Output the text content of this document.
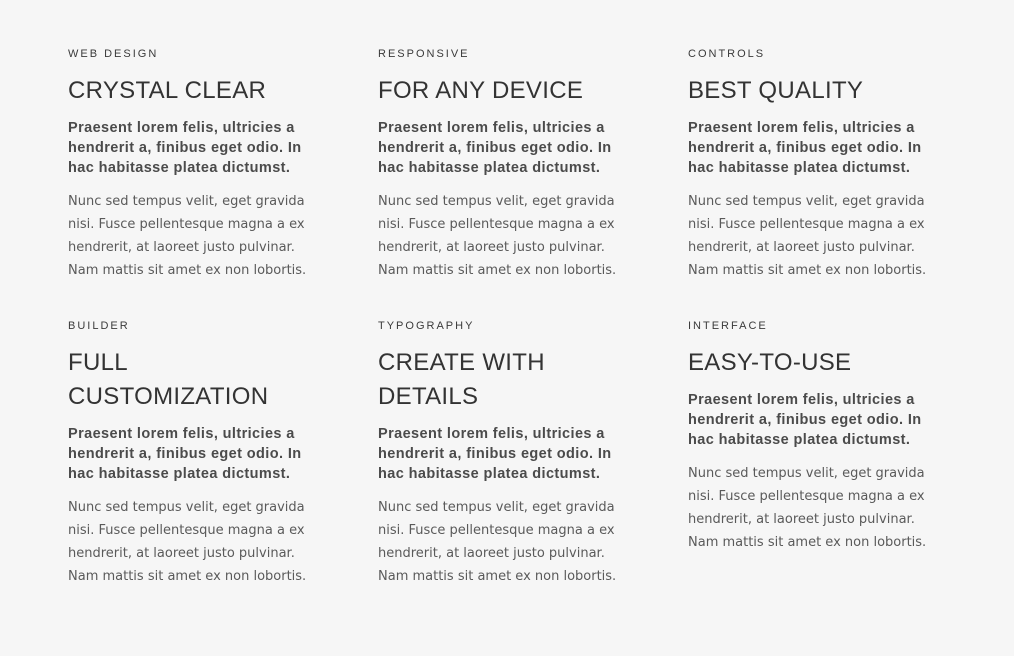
WEB DESIGN
CRYSTAL CLEAR

Praesent lorem felis, ultricies a hendrerit a, finibus eget odio. In hac habitasse platea dictumst.

Nunc sed tempus velit, eget gravida nisi. Fusce pellentesque magna a ex hendrerit, at laoreet justo pulvinar. Nam mattis sit amet ex non lobortis.

RESPONSIVE
FOR ANY DEVICE

Praesent lorem felis, ultricies a hendrerit a, finibus eget odio. In hac habitasse platea dictumst.

Nunc sed tempus velit, eget gravida nisi. Fusce pellentesque magna a ex hendrerit, at laoreet justo pulvinar. Nam mattis sit amet ex non lobortis.

CONTROLS
BEST QUALITY

Praesent lorem felis, ultricies a hendrerit a, finibus eget odio. In hac habitasse platea dictumst.

Nunc sed tempus velit, eget gravida nisi. Fusce pellentesque magna a ex hendrerit, at laoreet justo pulvinar. Nam mattis sit amet ex non lobortis.

BUILDER
FULL CUSTOMIZATION

Praesent lorem felis, ultricies a hendrerit a, finibus eget odio. In hac habitasse platea dictumst.

Nunc sed tempus velit, eget gravida nisi. Fusce pellentesque magna a ex hendrerit, at laoreet justo pulvinar. Nam mattis sit amet ex non lobortis.

TYPOGRAPHY
CREATE WITH DETAILS

Praesent lorem felis, ultricies a hendrerit a, finibus eget odio. In hac habitasse platea dictumst.

Nunc sed tempus velit, eget gravida nisi. Fusce pellentesque magna a ex hendrerit, at laoreet justo pulvinar. Nam mattis sit amet ex non lobortis.

INTERFACE
EASY-TO-USE

Praesent lorem felis, ultricies a hendrerit a, finibus eget odio. In hac habitasse platea dictumst.

Nunc sed tempus velit, eget gravida nisi. Fusce pellentesque magna a ex hendrerit, at laoreet justo pulvinar. Nam mattis sit amet ex non lobortis.
